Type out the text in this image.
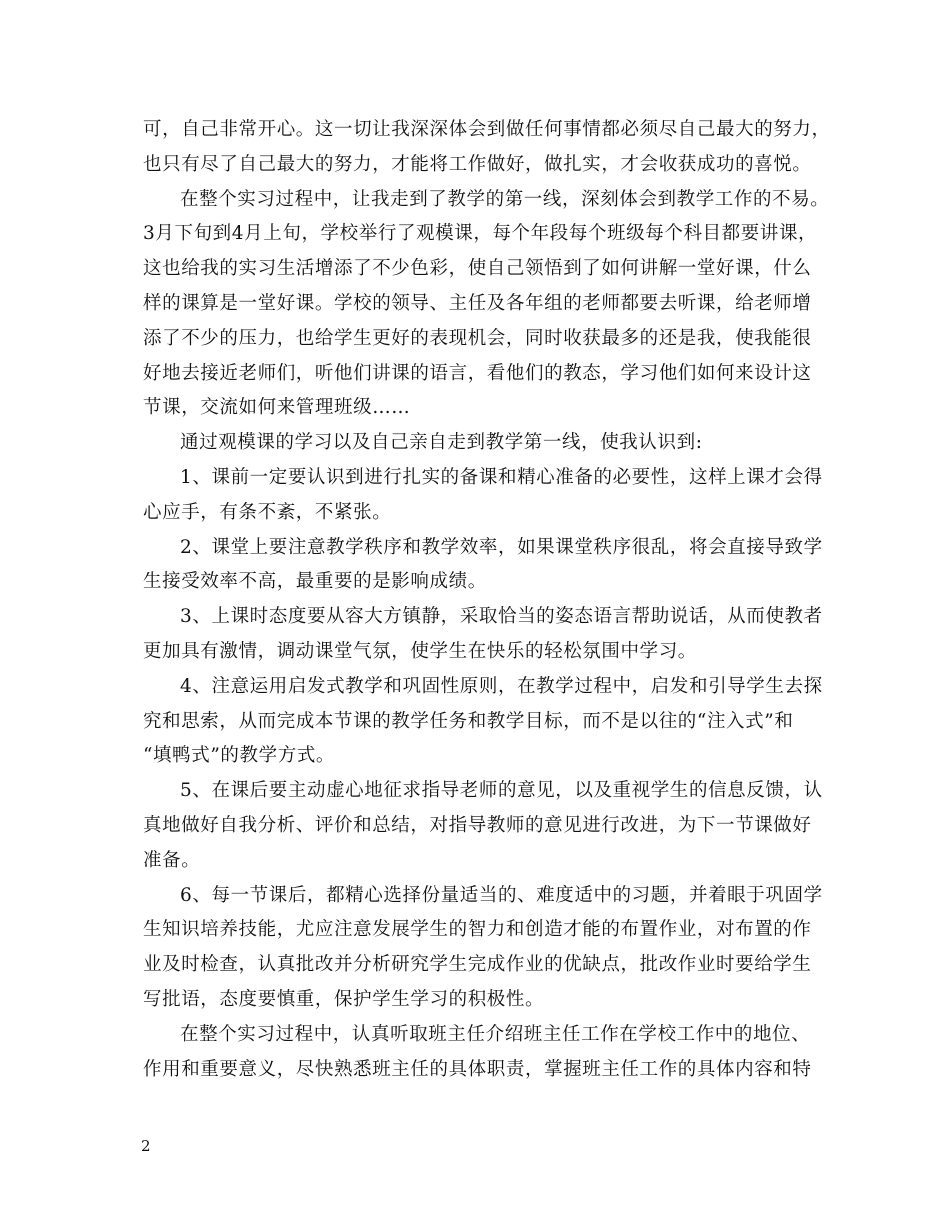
可，自己非常开心。这一切让我深深体会到做任何事情都必须尽自己最大的努力，
也只有尽了自己最大的努力，才能将工作做好，做扎实，才会收获成功的喜悦。
在整个实习过程中，让我走到了教学的第一线，深刻体会到教学工作的不易。
3月下旬到4月上旬，学校举行了观模课，每个年段每个班级每个科目都要讲课，
这也给我的实习生活增添了不少色彩，使自己领悟到了如何讲解一堂好课，什么
样的课算是一堂好课。学校的领导、主任及各年组的老师都要去听课，给老师增
添了不少的压力，也给学生更好的表现机会，同时收获最多的还是我，使我能很
好地去接近老师们，听他们讲课的语言，看他们的教态，学习他们如何来设计这
节课，交流如何来管理班级……
通过观模课的学习以及自己亲自走到教学第一线，使我认识到:
1、课前一定要认识到进行扎实的备课和精心准备的必要性，这样上课才会得
心应手，有条不紊，不紧张。
2、课堂上要注意教学秩序和教学效率，如果课堂秩序很乱，将会直接导致学
生接受效率不高，最重要的是影响成绩。
3、上课时态度要从容大方镇静，采取恰当的姿态语言帮助说话，从而使教者
更加具有激情，调动课堂气氛，使学生在快乐的轻松氛围中学习。
4、注意运用启发式教学和巩固性原则，在教学过程中，启发和引导学生去探
究和思索，从而完成本节课的教学任务和教学目标，而不是以往的“注入式”和
“填鸭式”的教学方式。
5、在课后要主动虚心地征求指导老师的意见，以及重视学生的信息反馈，认
真地做好自我分析、评价和总结，对指导教师的意见进行改进，为下一节课做好
准备。
6、每一节课后，都精心选择份量适当的、难度适中的习题，并着眼于巩固学
生知识培养技能，尤应注意发展学生的智力和创造才能的布置作业，对布置的作
业及时检查，认真批改并分析研究学生完成作业的优缺点，批改作业时要给学生
写批语，态度要慎重，保护学生学习的积极性。
在整个实习过程中，认真听取班主任介绍班主任工作在学校工作中的地位、
作用和重要意义，尽快熟悉班主任的具体职责，掌握班主任工作的具体内容和特
2
